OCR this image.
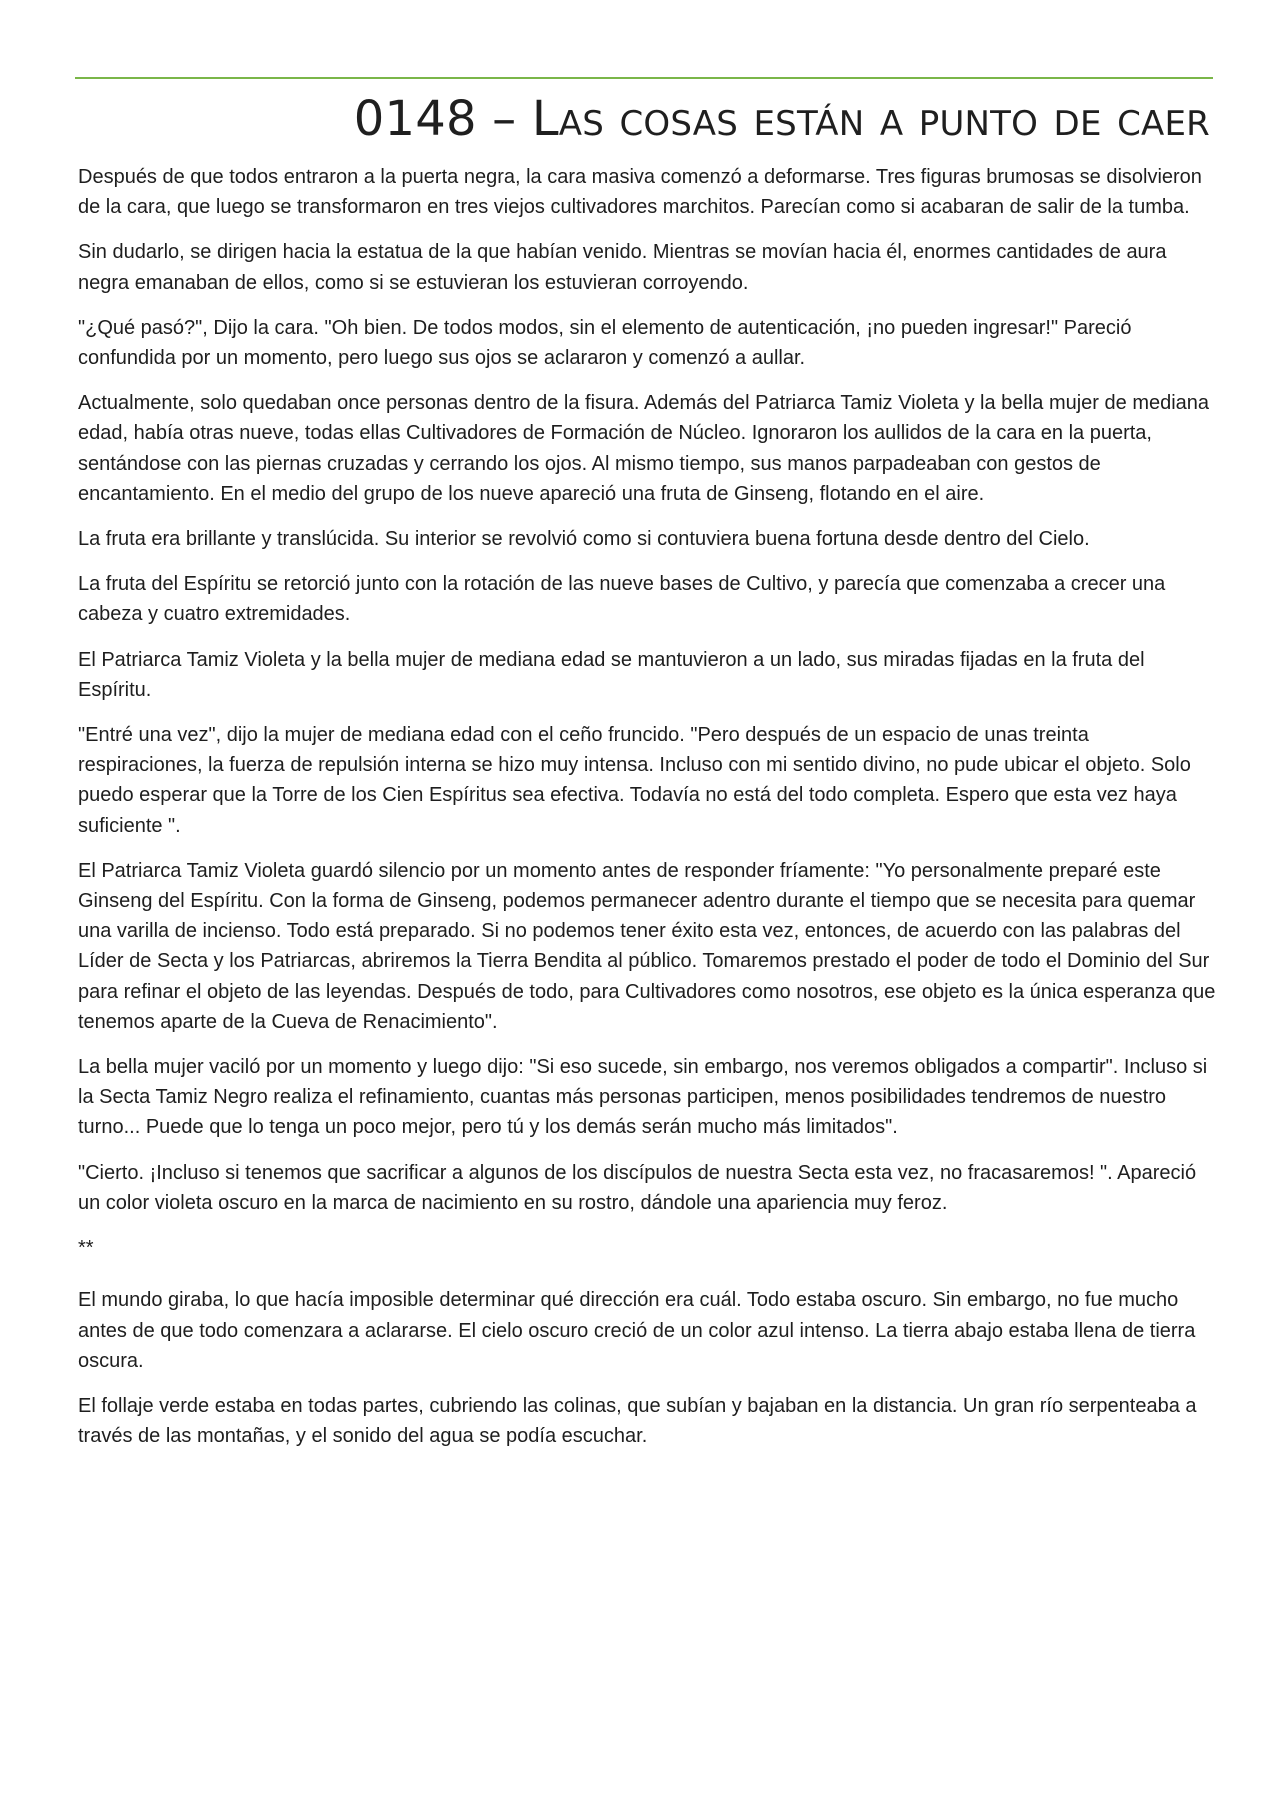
0148 – Las cosas están a punto de caer

Después de que todos entraron a la puerta negra, la cara masiva comenzó a deformarse. Tres figuras brumosas se disolvieron de la cara, que luego se transformaron en tres viejos cultivadores marchitos. Parecían como si acabaran de salir de la tumba.

Sin dudarlo, se dirigen hacia la estatua de la que habían venido. Mientras se movían hacia él, enormes cantidades de aura negra emanaban de ellos, como si se estuvieran los estuvieran corroyendo.

"¿Qué pasó?", Dijo la cara. "Oh bien. De todos modos, sin el elemento de autenticación, ¡no pueden ingresar!" Pareció confundida por un momento, pero luego sus ojos se aclararon y comenzó a aullar.

Actualmente, solo quedaban once personas dentro de la fisura. Además del Patriarca Tamiz Violeta y la bella mujer de mediana edad, había otras nueve, todas ellas Cultivadores de Formación de Núcleo. Ignoraron los aullidos de la cara en la puerta, sentándose con las piernas cruzadas y cerrando los ojos. Al mismo tiempo, sus manos parpadeaban con gestos de encantamiento. En el medio del grupo de los nueve apareció una fruta de Ginseng, flotando en el aire.

La fruta era brillante y translúcida. Su interior se revolvió como si contuviera buena fortuna desde dentro del Cielo.

La fruta del Espíritu se retorció junto con la rotación de las nueve bases de Cultivo, y parecía que comenzaba a crecer una cabeza y cuatro extremidades.

El Patriarca Tamiz Violeta y la bella mujer de mediana edad se mantuvieron a un lado, sus miradas fijadas en la fruta del Espíritu.

"Entré una vez", dijo la mujer de mediana edad con el ceño fruncido. "Pero después de un espacio de unas treinta respiraciones, la fuerza de repulsión interna se hizo muy intensa. Incluso con mi sentido divino, no pude ubicar el objeto. Solo puedo esperar que la Torre de los Cien Espíritus sea efectiva. Todavía no está del todo completa. Espero que esta vez haya suficiente ".

El Patriarca Tamiz Violeta guardó silencio por un momento antes de responder fríamente: "Yo personalmente preparé este Ginseng del Espíritu. Con la forma de Ginseng, podemos permanecer adentro durante el tiempo que se necesita para quemar una varilla de incienso. Todo está preparado. Si no podemos tener éxito esta vez, entonces, de acuerdo con las palabras del Líder de Secta y los Patriarcas, abriremos la Tierra Bendita al público. Tomaremos prestado el poder de todo el Dominio del Sur para refinar el objeto de las leyendas. Después de todo, para Cultivadores como nosotros, ese objeto es la única esperanza que tenemos aparte de la Cueva de Renacimiento".

La bella mujer vaciló por un momento y luego dijo: "Si eso sucede, sin embargo, nos veremos obligados a compartir". Incluso si la Secta Tamiz Negro realiza el refinamiento, cuantas más personas participen, menos posibilidades tendremos de nuestro turno... Puede que lo tenga un poco mejor, pero tú y los demás serán mucho más limitados".

"Cierto. ¡Incluso si tenemos que sacrificar a algunos de los discípulos de nuestra Secta esta vez, no fracasaremos! ". Apareció un color violeta oscuro en la marca de nacimiento en su rostro, dándole una apariencia muy feroz.

**

El mundo giraba, lo que hacía imposible determinar qué dirección era cuál. Todo estaba oscuro. Sin embargo, no fue mucho antes de que todo comenzara a aclararse. El cielo oscuro creció de un color azul intenso. La tierra abajo estaba llena de tierra oscura.

El follaje verde estaba en todas partes, cubriendo las colinas, que subían y bajaban en la distancia. Un gran río serpenteaba a través de las montañas, y el sonido del agua se podía escuchar.
